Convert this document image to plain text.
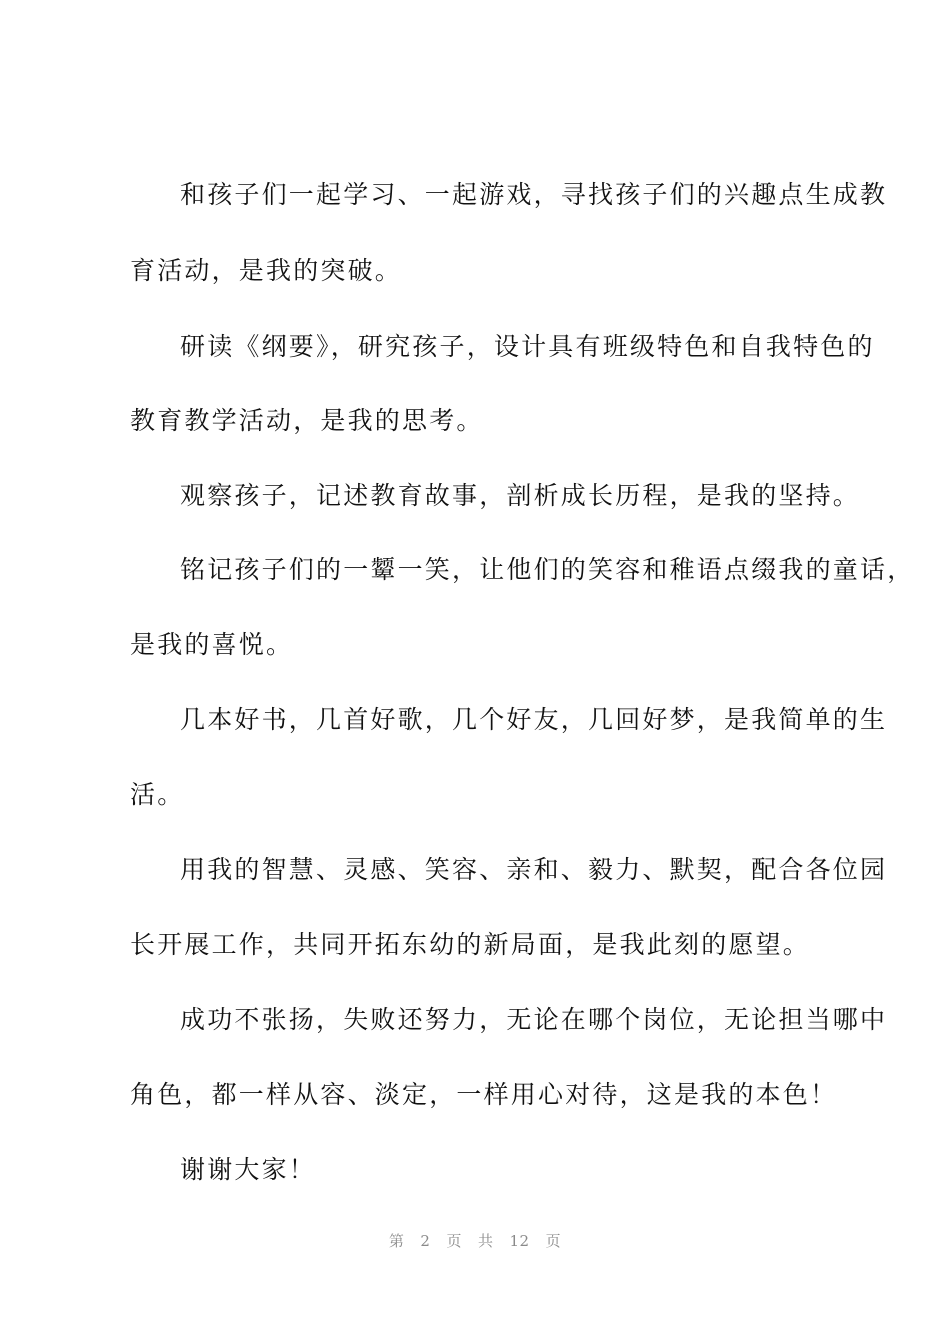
和孩子们一起学习、一起游戏，寻找孩子们的兴趣点生成教
育活动，是我的突破。
研读《纲要》，研究孩子，设计具有班级特色和自我特色的
教育教学活动，是我的思考。
观察孩子，记述教育故事，剖析成长历程，是我的坚持。
铭记孩子们的一颦一笑，让他们的笑容和稚语点缀我的童话，
是我的喜悦。
几本好书，几首好歌，几个好友，几回好梦，是我简单的生
活。
用我的智慧、灵感、笑容、亲和、毅力、默契，配合各位园
长开展工作，共同开拓东幼的新局面，是我此刻的愿望。
成功不张扬，失败还努力，无论在哪个岗位，无论担当哪中
角色，都一样从容、淡定，一样用心对待，这是我的本色！
谢谢大家！
第 2 页 共 12 页
